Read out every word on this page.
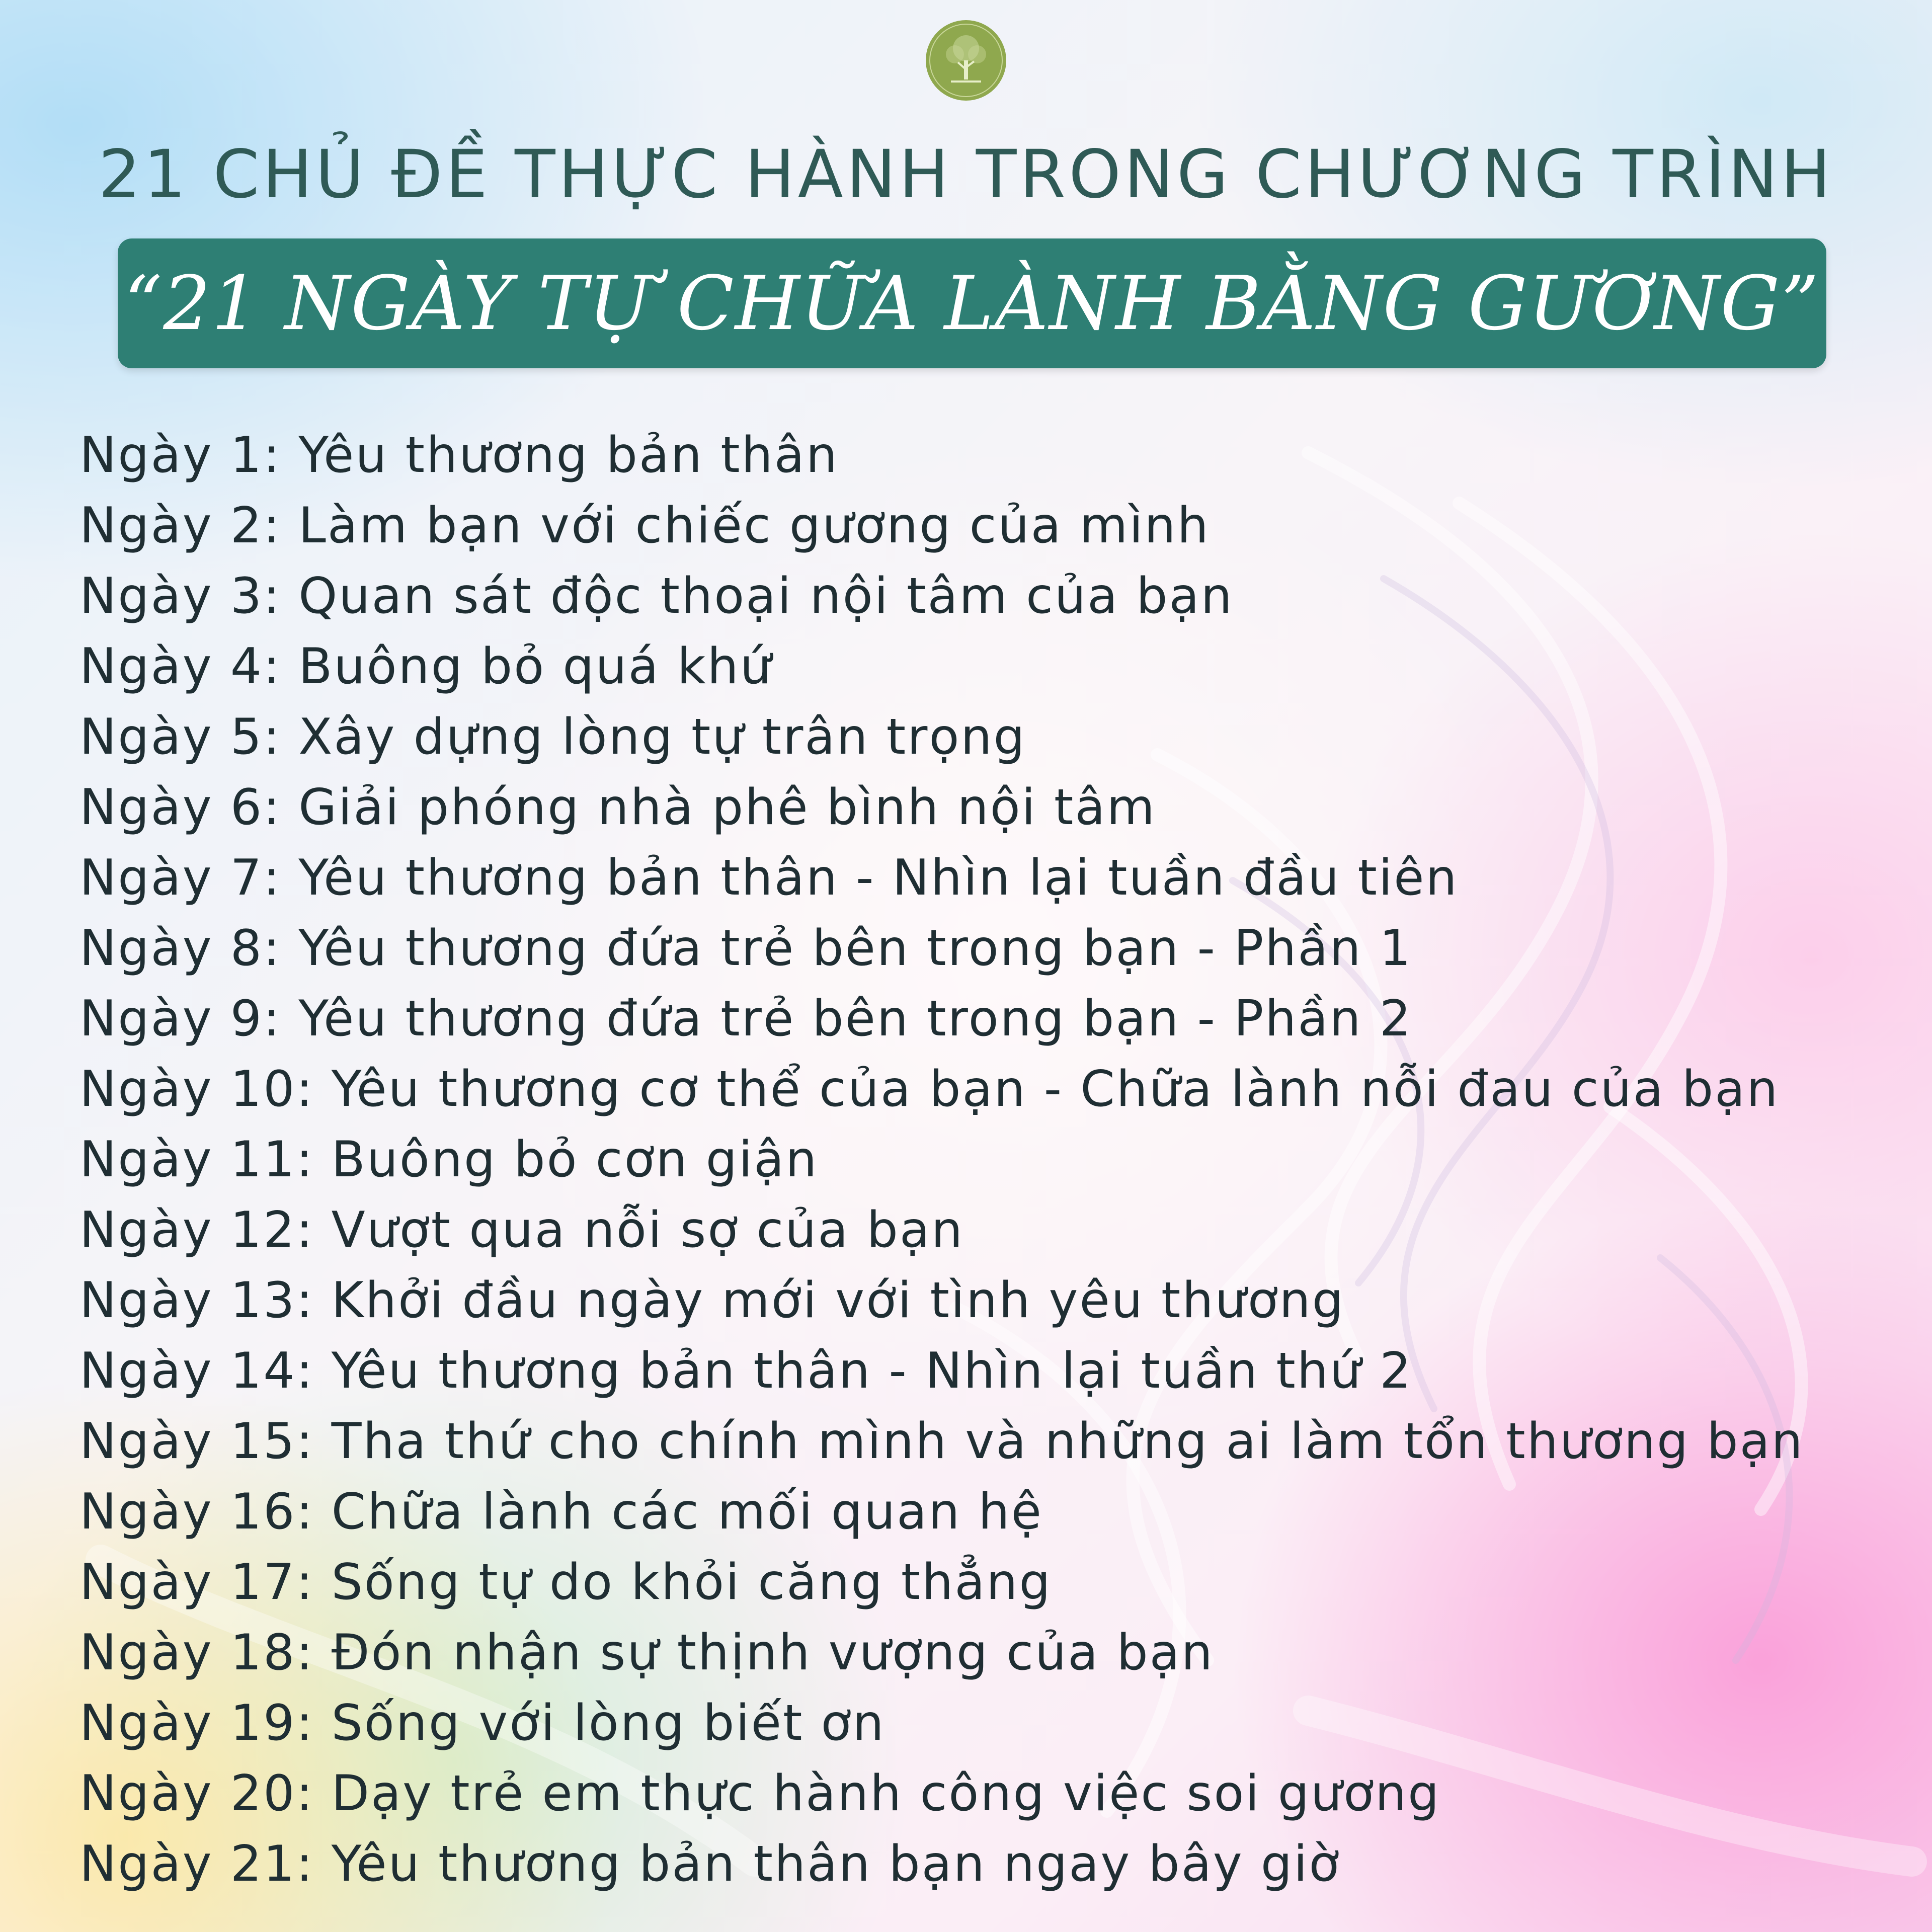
21 CHỦ ĐỀ THỰC HÀNH TRONG CHƯƠNG TRÌNH
“21 NGÀY TỰ CHỮA LÀNH BẰNG GƯƠNG”
Ngày 1: Yêu thương bản thân
Ngày 2: Làm bạn với chiếc gương của mình
Ngày 3: Quan sát độc thoại nội tâm của bạn
Ngày 4: Buông bỏ quá khứ
Ngày 5: Xây dựng lòng tự trân trọng
Ngày 6: Giải phóng nhà phê bình nội tâm
Ngày 7: Yêu thương bản thân - Nhìn lại tuần đầu tiên
Ngày 8: Yêu thương đứa trẻ bên trong bạn - Phần 1
Ngày 9: Yêu thương đứa trẻ bên trong bạn - Phần 2
Ngày 10: Yêu thương cơ thể của bạn - Chữa lành nỗi đau của bạn
Ngày 11: Buông bỏ cơn giận
Ngày 12: Vượt qua nỗi sợ của bạn
Ngày 13: Khởi đầu ngày mới với tình yêu thương
Ngày 14: Yêu thương bản thân - Nhìn lại tuần thứ 2
Ngày 15: Tha thứ cho chính mình và những ai làm tổn thương bạn
Ngày 16: Chữa lành các mối quan hệ
Ngày 17: Sống tự do khỏi căng thẳng
Ngày 18: Đón nhận sự thịnh vượng của bạn
Ngày 19: Sống với lòng biết ơn
Ngày 20: Dạy trẻ em thực hành công việc soi gương
Ngày 21: Yêu thương bản thân bạn ngay bây giờ
